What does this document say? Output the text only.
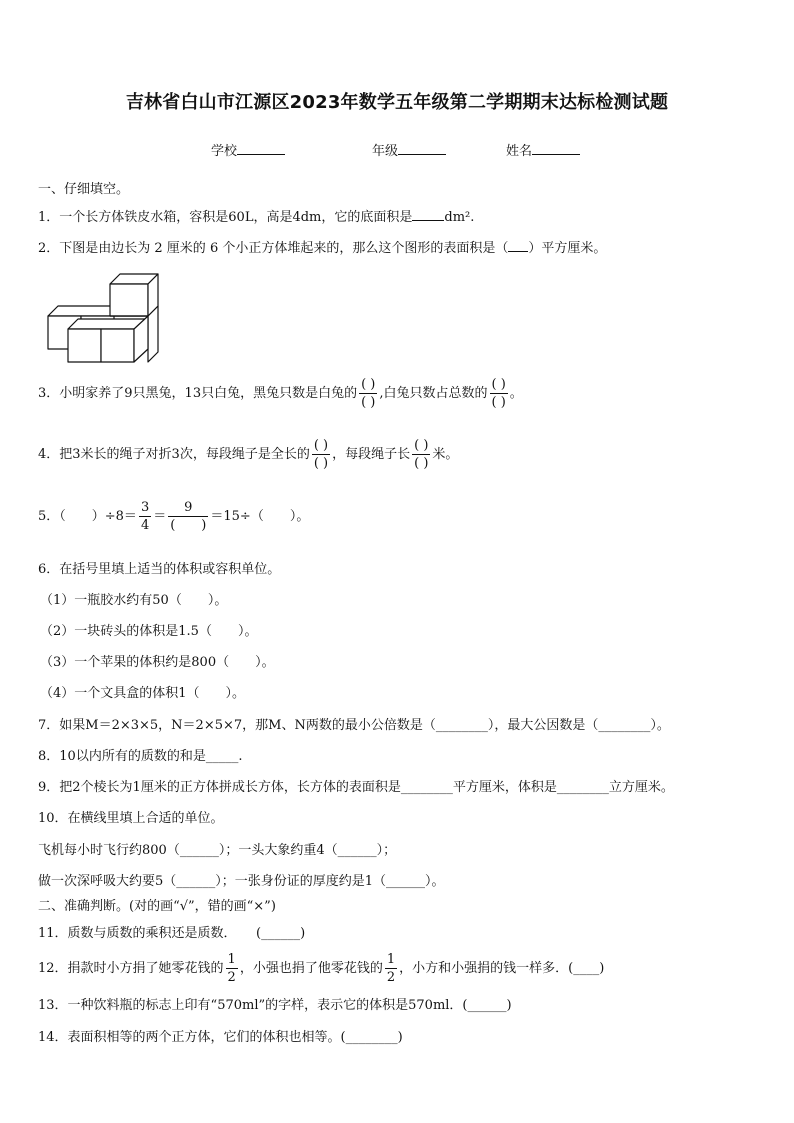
吉林省白山市江源区2023年数学五年级第二学期期末达标检测试题
学校	年级	姓名
一、仔细填空。
1．一个长方体铁皮水箱，容积是60L，高是4dm，它的底面积是 dm².
2．下图是由边长为 2 厘米的 6 个小正方体堆起来的，那么这个图形的表面积是（ ）平方厘米。
3．小明家养了9只黑兔，13只白兔，黑兔只数是白兔的 $\frac{( )}{( )}$ ,白兔只数占总数的 $\frac{( )}{( )}$ 。
4．把3米长的绳子对折3次，每段绳子是全长的 $\frac{( )}{( )}$ ，每段绳子长 $\frac{( )}{( )}$ 米。
5．（　　）$\div 8= \frac{3}{4} = \frac{9}{( )} =15\div$（　　）。
6．在括号里填上适当的体积或容积单位。
（1）一瓶胶水约有50（　　）。
（2）一块砖头的体积是1.5（　　）。
（3）一个苹果的体积约是800（　　）。
（4）一个文具盒的体积1（　　）。
7．如果M＝2×3×5，N＝2×5×7，那M、N两数的最小公倍数是（________），最大公因数是（________）。
8．10以内所有的质数的和是_____.
9．把2个棱长为1厘米的正方体拼成长方体，长方体的表面积是________平方厘米，体积是________立方厘米。
10．在横线里填上合适的单位。
飞机每小时飞行约800（______）；一头大象约重4（______）；
做一次深呼吸大约要5（______）；一张身份证的厚度约是1（______）。
二、准确判断。(对的画“√”，错的画“×”)
11．质数与质数的乘积还是质数．　　(______)
12．捐款时小方捐了她零花钱的 $\frac{1}{2}$ ，小强也捐了他零花钱的 $\frac{1}{2}$ ，小方和小强捐的钱一样多．(____)
13．一种饮料瓶的标志上印有“570ml”的字样，表示它的体积是570ml．(______)
14．表面积相等的两个正方体，它们的体积也相等。(________)
